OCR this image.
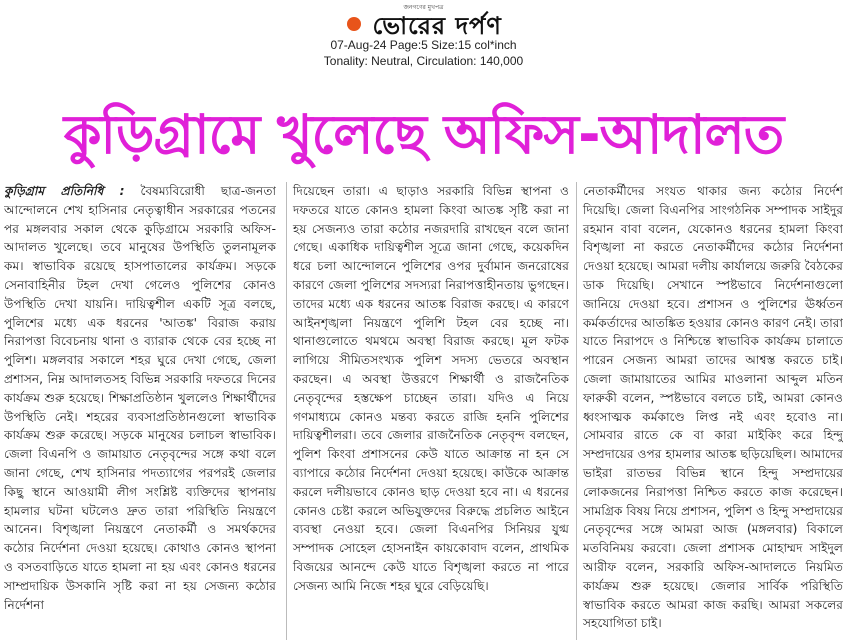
জনগণের মুখপত্র
ভোরের দর্পণ
07-Aug-24 Page:5 Size:15 col*inch
Tonality: Neutral, Circulation: 140,000
কুড়িগ্রামে খুলেছে অফিস-আদালত

কুড়িগ্রাম প্রতিনিধি : বৈষম্যবিরোধী ছাত্র-জনতা আন্দোলনে শেখ হাসিনার নেতৃত্বাধীন সরকারের পতনের পর মঙ্গলবার সকাল থেকে কুড়িগ্রামে সরকারি অফিস-আদালত খুলেছে। তবে মানুষের উপস্থিতি তুলনামূলক কম। স্বাভাবিক রয়েছে হাসপাতালের কার্যক্রম। সড়কে সেনাবাহিনীর টহল দেখা গেলেও পুলিশের কোনও উপস্থিতি দেখা যায়নি। দায়িত্বশীল একটি সূত্র বলছে, পুলিশের মধ্যে এক ধরনের 'আতঙ্ক' বিরাজ করায় নিরাপত্তা বিবেচনায় থানা ও ব্যারাক থেকে বের হচ্ছে না পুলিশ। মঙ্গলবার সকালে শহর ঘুরে দেখা গেছে, জেলা প্রশাসন, নিম্ন আদালতসহ বিভিন্ন সরকারি দফতরে দিনের কার্যক্রম শুরু হয়েছে। শিক্ষাপ্রতিষ্ঠান খুললেও শিক্ষার্থীদের উপস্থিতি নেই। শহরের ব্যবসাপ্রতিষ্ঠানগুলো স্বাভাবিক কার্যক্রম শুরু করেছে। সড়কে মানুষের চলাচল স্বাভাবিক। জেলা বিএনপি ও জামায়াত নেতৃবৃন্দের সঙ্গে কথা বলে জানা গেছে, শেখ হাসিনার পদত্যাগের পরপরই জেলার কিছু স্থানে আওয়ামী লীগ সংশ্লিষ্ট ব্যক্তিদের স্থাপনায় হামলার ঘটনা ঘটলেও দ্রুত তারা পরিস্থিতি নিয়ন্ত্রণে আনেন। বিশৃঙ্খলা নিয়ন্ত্রণে নেতাকর্মী ও সমর্থকদের কঠোর নির্দেশনা দেওয়া হয়েছে। কোথাও কোনও স্থাপনা ও বসতবাড়িতে যাতে হামলা না হয় এবং কোনও ধরনের সাম্প্রদায়িক উসকানি সৃষ্টি করা না হয় সেজন্য কঠোর নির্দেশনা

দিয়েছেন তারা। এ ছাড়াও সরকারি বিভিন্ন স্থাপনা ও দফতরে যাতে কোনও হামলা কিংবা আতঙ্ক সৃষ্টি করা না হয় সেজন্যও তারা কঠোর নজরদারি রাখছেন বলে জানা গেছে। একাধিক দায়িত্বশীল সূত্রে জানা গেছে, কয়েকদিন ধরে চলা আন্দোলনে পুলিশের ওপর দুর্বামান জনরোষের কারণে জেলা পুলিশের সদস্যরা নিরাপত্তাহীনতায় ভুগছেন। তাদের মধ্যে এক ধরনের আতঙ্ক বিরাজ করছে। এ কারণে আইনশৃঙ্খলা নিয়ন্ত্রণে পুলিশি টহল বের হচ্ছে না। থানাগুলোতে থমথমে অবস্থা বিরাজ করছে। মূল ফটক লাগিয়ে সীমিতসংখ্যক পুলিশ সদস্য ভেতরে অবস্থান করছেন। এ অবস্থা উত্তরণে শিক্ষার্থী ও রাজনৈতিক নেতৃবৃন্দের হস্তক্ষেপ চাচ্ছেন তারা। যদিও এ নিয়ে গণমাধ্যমে কোনও মন্তব্য করতে রাজি হননি পুলিশের দায়িত্বশীলরা। তবে জেলার রাজনৈতিক নেতৃবৃন্দ বলছেন, পুলিশ কিংবা প্রশাসনের কেউ যাতে আক্রান্ত না হন সে ব্যাপারে কঠোর নির্দেশনা দেওয়া হয়েছে। কাউকে আক্রান্ত করলে দলীয়ভাবে কোনও ছাড় দেওয়া হবে না। এ ধরনের কোনও চেষ্টা করলে অভিযুক্তদের বিরুদ্ধে প্রচলিত আইনে ব্যবস্থা নেওয়া হবে। জেলা বিএনপির সিনিয়র যুগ্ম সম্পাদক সোহেল হোসনাইন কায়কোবাদ বলেন, প্রাথমিক বিজয়ের আনন্দে কেউ যাতে বিশৃঙ্খলা করতে না পারে সেজন্য আমি নিজে শহর ঘুরে বেড়িয়েছি।

নেতাকর্মীদের সংযত থাকার জন্য কঠোর নির্দেশ দিয়েছি। জেলা বিএনপির সাংগঠনিক সম্পাদক সাইদুর রহমান বাবা বলেন, যেকোনও ধরনের হামলা কিংবা বিশৃঙ্খলা না করতে নেতাকর্মীদের কঠোর নির্দেশনা দেওয়া হয়েছে। আমরা দলীয় কার্যালয়ে জরুরি বৈঠকের ডাক দিয়েছি। সেখানে স্পষ্টভাবে নির্দেশনাগুলো জানিয়ে দেওয়া হবে। প্রশাসন ও পুলিশের ঊর্ধ্বতন কর্মকর্তাদের আতঙ্কিত হওয়ার কোনও কারণ নেই। তারা যাতে নিরাপদে ও নিশ্চিন্তে স্বাভাবিক কার্যক্রম চালাতে পারেন সেজন্য আমরা তাদের আশ্বস্ত করতে চাই। জেলা জামায়াতের আমির মাওলানা আব্দুল মতিন ফারুকী বলেন, স্পষ্টভাবে বলতে চাই, আমরা কোনও ধ্বংসাত্মক কর্মকাণ্ডে লিপ্ত নই এবং হবোও না। সোমবার রাতে কে বা কারা মাইকিং করে হিন্দু সম্প্রদায়ের ওপর হামলার আতঙ্ক ছড়িয়েছিল। আমাদের ভাইরা রাতভর বিভিন্ন স্থানে হিন্দু সম্প্রদায়ের লোকজনের নিরাপত্তা নিশ্চিত করতে কাজ করেছেন। সামগ্রিক বিষয় নিয়ে প্রশাসন, পুলিশ ও হিন্দু সম্প্রদায়ের নেতৃবৃন্দের সঙ্গে আমরা আজ (মঙ্গলবার) বিকালে মতবিনিময় করবো। জেলা প্রশাসক মোহাম্মদ সাইদুল আরীফ বলেন, সরকারি অফিস-আদালতে নিয়মিত কার্যক্রম শুরু হয়েছে। জেলার সার্বিক পরিস্থিতি স্বাভাবিক করতে আমরা কাজ করছি। আমরা সকলের সহযোগিতা চাই।
